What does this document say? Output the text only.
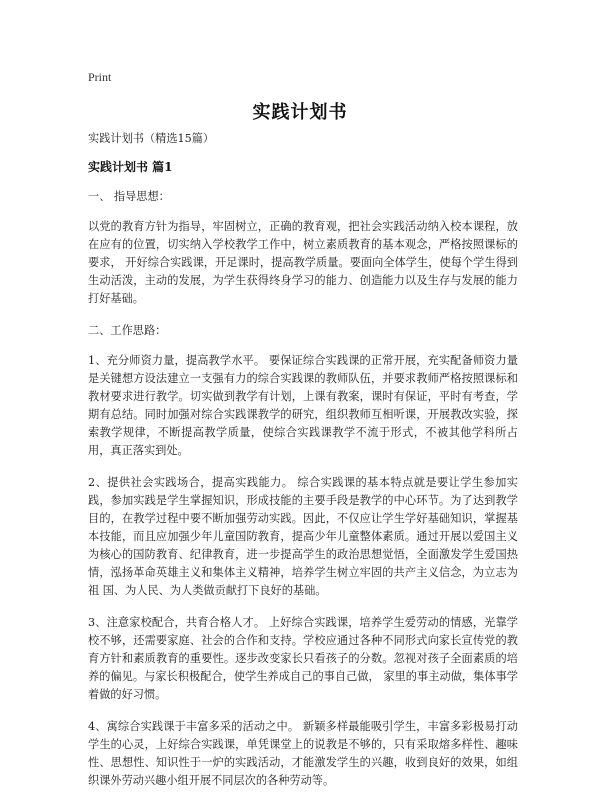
Print
实践计划书

实践计划书（精选15篇）

实践计划书 篇1

一、 指导思想：

以党的教育方针为指导，牢固树立，正确的教育观，把社会实践活动纳入校本课程，放在应有的位置，切实纳入学校教学工作中，树立素质教育的基本观念，严格按照课标的要求， 开好综合实践课，开足课时，提高教学质量。要面向全体学生，使每个学生得到生动活泼，主动的发展，为学生获得终身学习的能力、创造能力以及生存与发展的能力打好基础。

二、工作思路：

1、充分师资力量，提高教学水平。 要保证综合实践课的正常开展，充实配备师资力量是关键想方设法建立一支强有力的综合实践课的教师队伍，并要求教师严格按照课标和教材要求进行教学。切实做到教学有计划，上课有教案，课时有保证，平时有考查，学期有总结。同时加强对综合实践课教学的研究，组织教师互相听课，开展教改实验，探索教学规律，不断提高教学质量，使综合实践课教学不流于形式，不被其他学科所占用，真正落实到处。

2、提供社会实践场合，提高实践能力。 综合实践课的基本特点就是要让学生参加实践，参加实践是学生掌握知识，形成技能的主要手段是教学的中心环节。为了达到教学目的，在教学过程中要不断加强劳动实践。因此，不仅应让学生学好基础知识，掌握基本技能，而且应加强少年儿童国防教育，提高少年儿童整体素质。通过开展以爱国主义为核心的国防教育、纪律教育，进一步提高学生的政治思想觉悟，全面激发学生爱国热情，泓扬革命英雄主义和集体主义精神，培养学生树立牢固的共产主义信念，为立志为祖 国、为人民、为人类做贡献打下良好的基础。

3、注意家校配合，共育合格人才。 上好综合实践课，培养学生爱劳动的情感，光靠学校不够，还需要家庭、社会的合作和支持。学校应通过各种不同形式向家长宣传党的教育方针和素质教育的重要性。逐步改变家长只看孩子的分数。忽视对孩子全面素质的培养的偏见。与家长积极配合，使学生养成自己的事自己做， 家里的事主动做，集体事学着做的好习惯。

4、寓综合实践课于丰富多采的活动之中。 新颖多样最能吸引学生，丰富多彩极易打动学生的心灵，上好综合实践课，单凭课堂上的说教是不够的，只有采取熔多样性、趣味性、思想性、知识性于一炉的实践活动，才能激发学生的兴趣，收到良好的效果，如组织课外劳动兴趣小组开展不同层次的各种劳动等。
